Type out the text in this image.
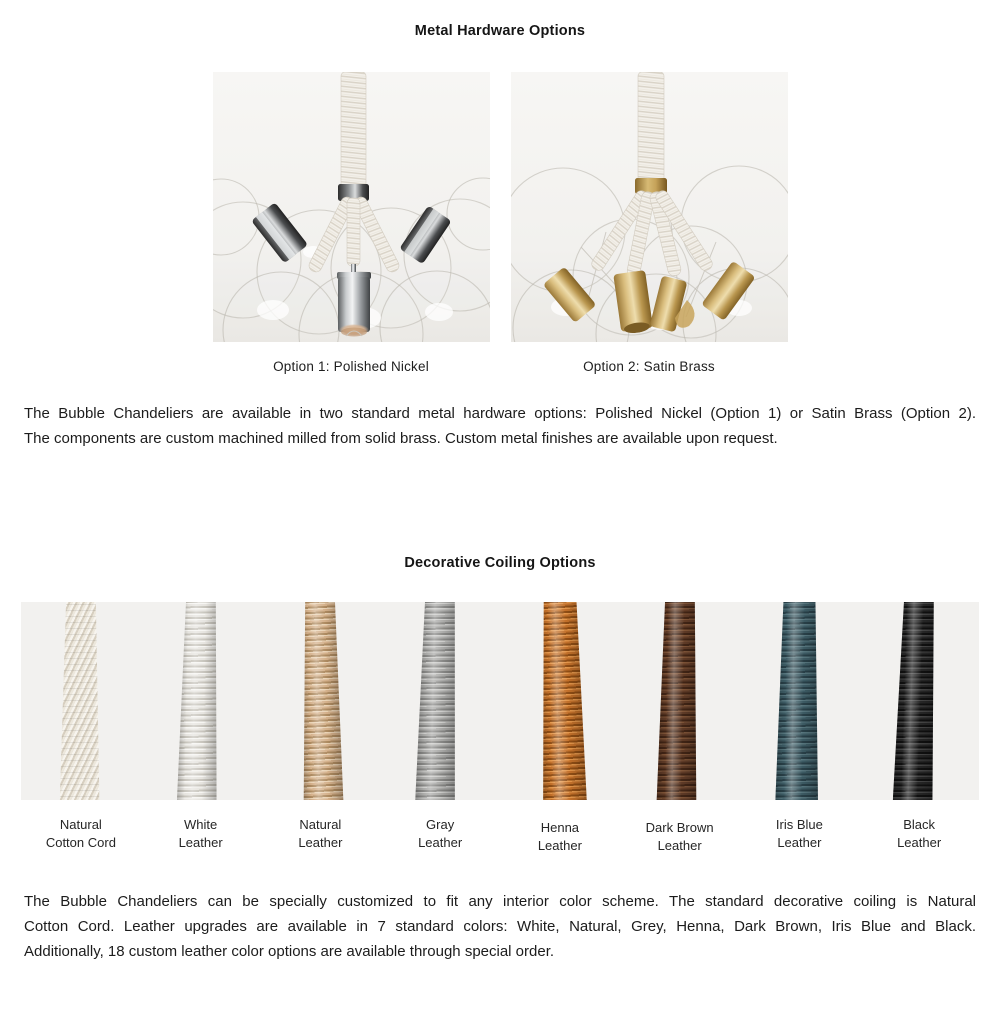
Metal Hardware Options
Option 1: Polished Nickel	Option 2: Satin Brass
The Bubble Chandeliers are available in two standard metal hardware options: Polished Nickel (Option 1) or Satin Brass (Option 2).
The components are custom machined milled from solid brass. Custom metal finishes are available upon request.
Decorative Coiling Options
Natural
Cotton Cord
White
Leather
Natural
Leather
Gray
Leather
Henna
Leather
Dark Brown
Leather
Iris Blue
Leather
Black
Leather
The Bubble Chandeliers can be specially customized to fit any interior color scheme. The standard decorative coiling is Natural
Cotton Cord. Leather upgrades are available in 7 standard colors: White, Natural, Grey, Henna, Dark Brown, Iris Blue and Black.
Additionally, 18 custom leather color options are available through special order.
